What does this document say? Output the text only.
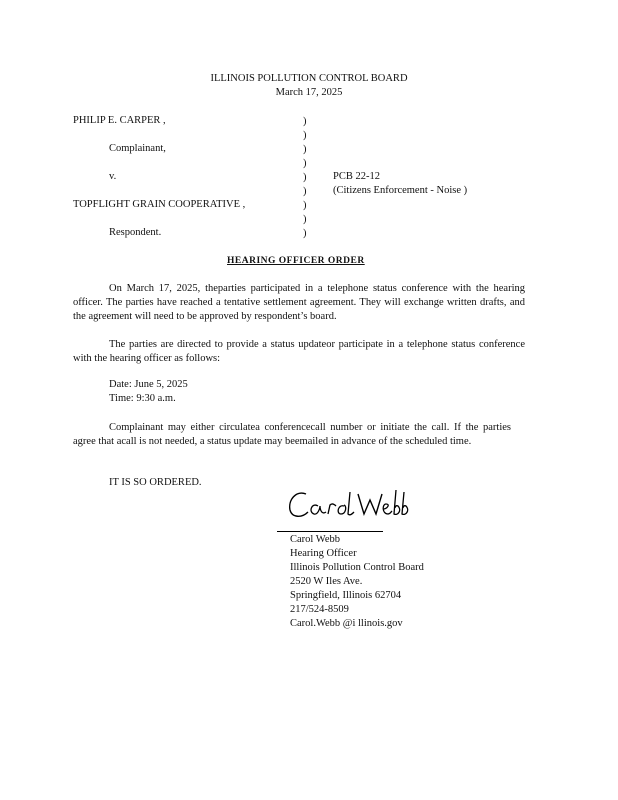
ILLINOIS POLLUTION CONTROL BOARD
March 17, 2025
PHILIP E. CARPER ,
Complainant,
v.
TOPFLIGHT GRAIN COOPERATIVE ,
Respondent.
)
)
)
)
)
)
)
)
)
PCB 22-12
(Citizens Enforcement - Noise )
HEARING OFFICER ORDER
On March 17, 2025, theparties participated in a telephone status conference with the hearing officer. The parties have reached a tentative settlement agreement. They will exchange written drafts, and the agreement will need to be approved by respondent’s board.
The parties are directed to provide a status updateor participate in a telephone status conference with the hearing officer as follows:
Date: June 5, 2025
Time: 9:30 a.m.
Complainant may either circulatea conferencecall number or initiate the call. If the parties agree that acall is not needed, a status update may beemailed in advance of the scheduled time.
IT IS SO ORDERED.
Carol Webb
Hearing Officer
Illinois Pollution Control Board
2520 W Iles Ave.
Springfield, Illinois 62704
217/524-8509
Carol.Webb @i llinois.gov
